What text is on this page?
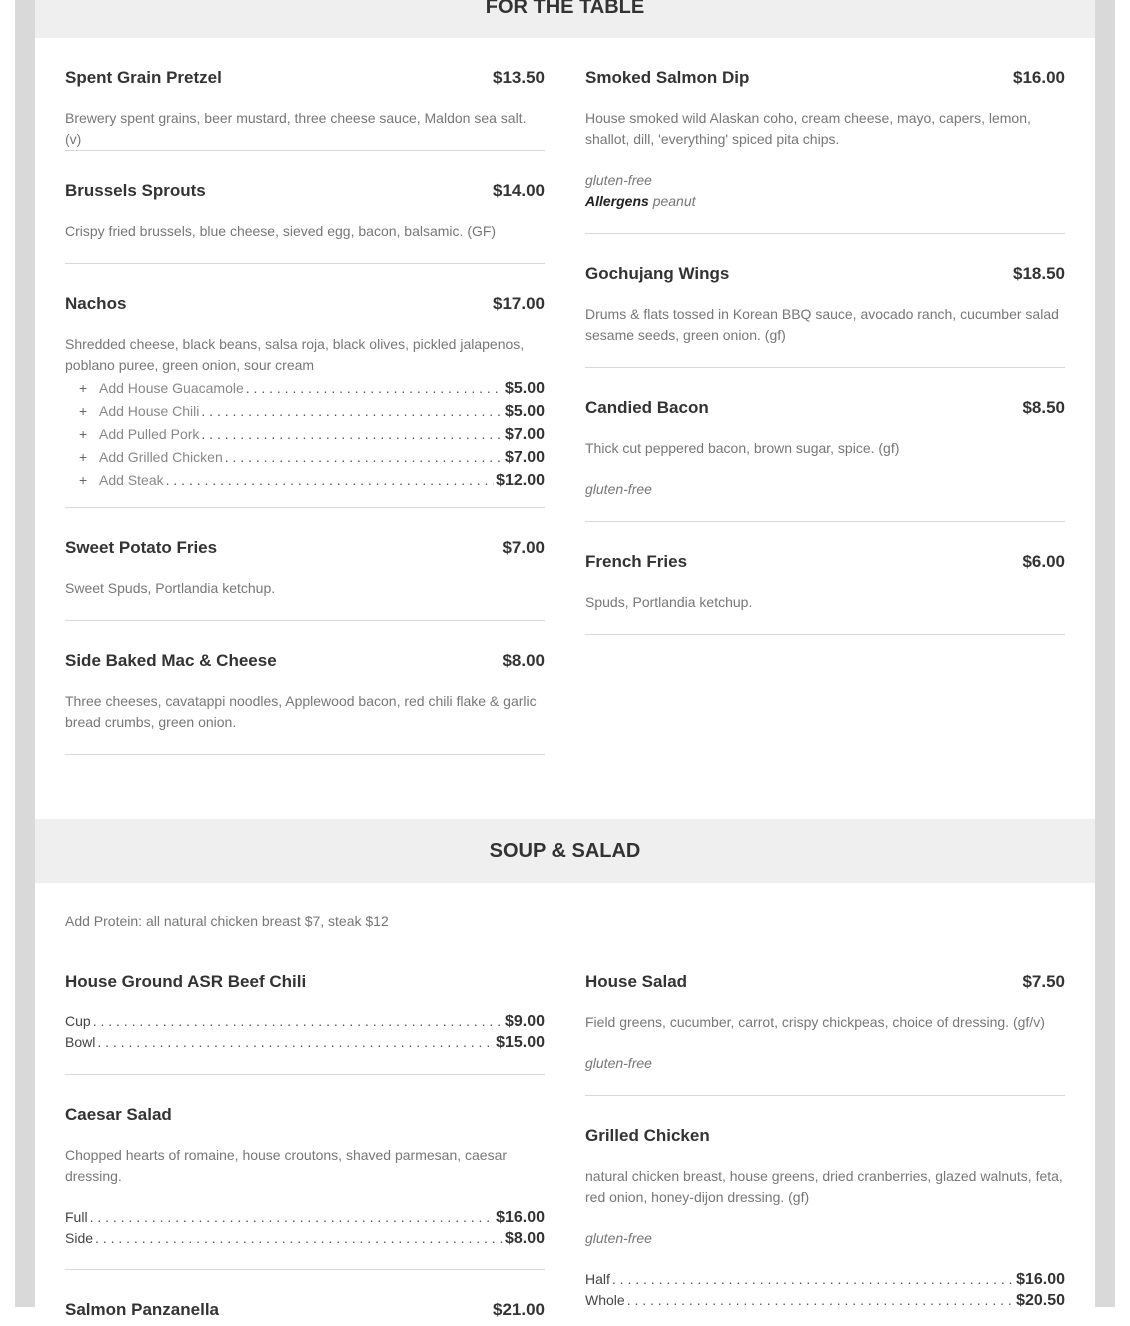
FOR THE TABLE
Spent Grain Pretzel	$13.50
Brewery spent grains, beer mustard, three cheese sauce, Maldon sea salt. (v)
Brussels Sprouts	$14.00
Crispy fried brussels, blue cheese, sieved egg, bacon, balsamic. (GF)
Nachos	$17.00
Shredded cheese, black beans, salsa roja, black olives, pickled jalapenos, poblano puree, green onion, sour cream
+ Add House Guacamole . . .	$5.00
+ Add House Chili . . .	$5.00
+ Add Pulled Pork . . .	$7.00
+ Add Grilled Chicken . . .	$7.00
+ Add Steak . . .	$12.00
Sweet Potato Fries	$7.00
Sweet Spuds, Portlandia ketchup.
Side Baked Mac & Cheese	$8.00
Three cheeses, cavatappi noodles, Applewood bacon, red chili flake & garlic bread crumbs, green onion.
Smoked Salmon Dip	$16.00
House smoked wild Alaskan coho, cream cheese, mayo, capers, lemon, shallot, dill, 'everything' spiced pita chips.
gluten-free
Allergens peanut
Gochujang Wings	$18.50
Drums & flats tossed in Korean BBQ sauce, avocado ranch, cucumber salad sesame seeds, green onion. (gf)
Candied Bacon	$8.50
Thick cut peppered bacon, brown sugar, spice. (gf)
gluten-free
French Fries	$6.00
Spuds, Portlandia ketchup.
SOUP & SALAD
Add Protein: all natural chicken breast $7, steak $12
House Ground ASR Beef Chili
Cup . . .	$9.00
Bowl . . .	$15.00
Caesar Salad
Chopped hearts of romaine, house croutons, shaved parmesan, caesar dressing.
Full . . .	$16.00
Side . . .	$8.00
Salmon Panzanella	$21.00
House Salad	$7.50
Field greens, cucumber, carrot, crispy chickpeas, choice of dressing. (gf/v)
gluten-free
Grilled Chicken
natural chicken breast, house greens, dried cranberries, glazed walnuts, feta, red onion, honey-dijon dressing. (gf)
gluten-free
Half . . .	$16.00
Whole . . .	$20.50
